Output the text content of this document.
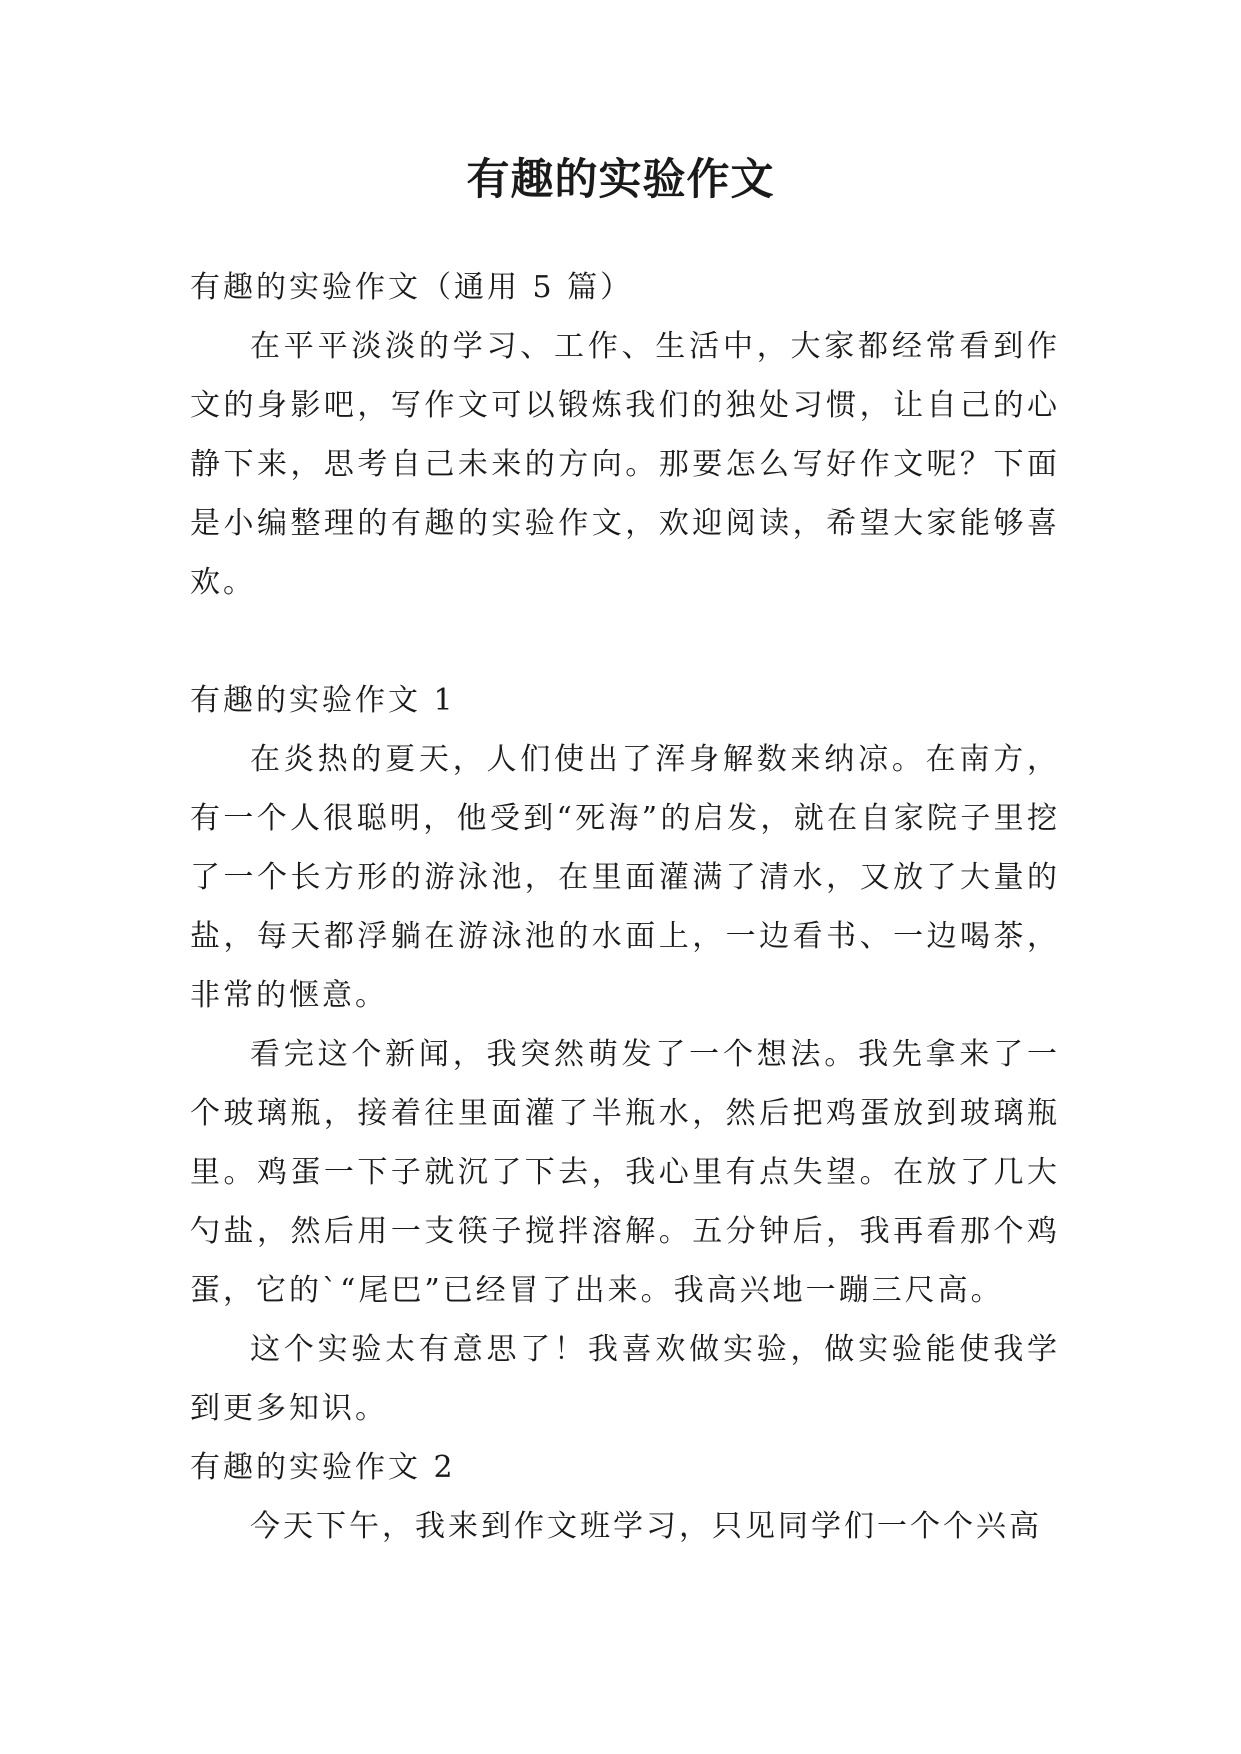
有趣的实验作文

有趣的实验作文（通用 5 篇）

在平平淡淡的学习、工作、生活中，大家都经常看到作文的身影吧，写作文可以锻炼我们的独处习惯，让自己的心静下来，思考自己未来的方向。那要怎么写好作文呢？下面是小编整理的有趣的实验作文，欢迎阅读，希望大家能够喜欢。

有趣的实验作文 1

在炎热的夏天，人们使出了浑身解数来纳凉。在南方，有一个人很聪明，他受到“死海”的启发，就在自家院子里挖了一个长方形的游泳池，在里面灌满了清水，又放了大量的盐，每天都浮躺在游泳池的水面上，一边看书、一边喝茶，非常的惬意。

看完这个新闻，我突然萌发了一个想法。我先拿来了一个玻璃瓶，接着往里面灌了半瓶水，然后把鸡蛋放到玻璃瓶里。鸡蛋一下子就沉了下去，我心里有点失望。在放了几大勺盐，然后用一支筷子搅拌溶解。五分钟后，我再看那个鸡蛋，它的`“尾巴”已经冒了出来。我高兴地一蹦三尺高。

这个实验太有意思了！我喜欢做实验，做实验能使我学到更多知识。

有趣的实验作文 2

今天下午，我来到作文班学习，只见同学们一个个兴高
